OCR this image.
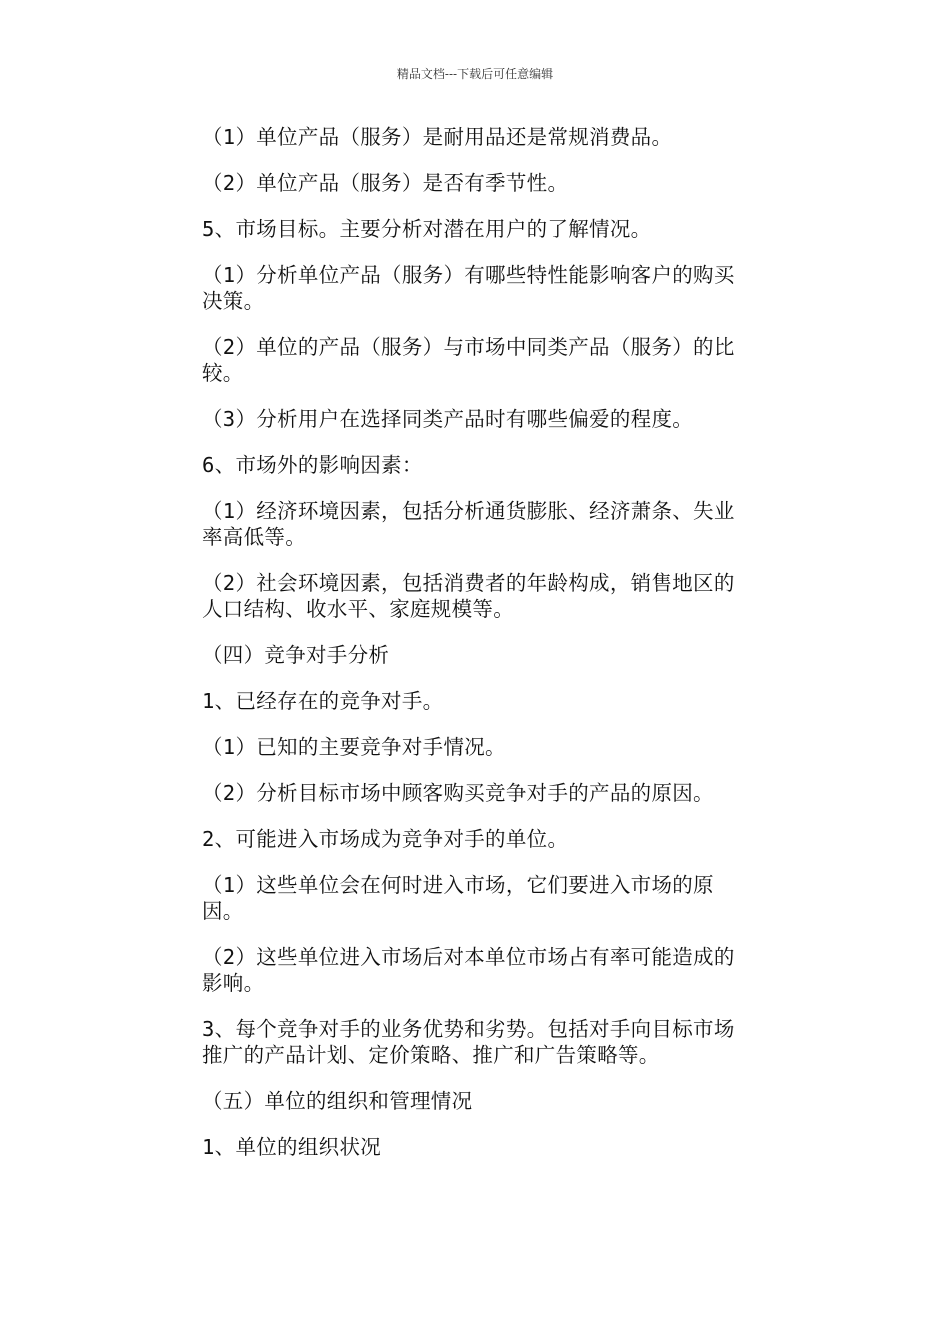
精品文档---下载后可任意编辑

（1）单位产品（服务）是耐用品还是常规消费品。

（2）单位产品（服务）是否有季节性。

5、市场目标。主要分析对潜在用户的了解情况。

（1）分析单位产品（服务）有哪些特性能影响客户的购买决策。

（2）单位的产品（服务）与市场中同类产品（服务）的比较。

（3）分析用户在选择同类产品时有哪些偏爱的程度。

6、市场外的影响因素：

（1）经济环境因素，包括分析通货膨胀、经济萧条、失业率高低等。

（2）社会环境因素，包括消费者的年龄构成，销售地区的人口结构、收水平、家庭规模等。

（四）竞争对手分析

1、已经存在的竞争对手。

（1）已知的主要竞争对手情况。

（2）分析目标市场中顾客购买竞争对手的产品的原因。

2、可能进入市场成为竞争对手的单位。

（1）这些单位会在何时进入市场，它们要进入市场的原因。

（2）这些单位进入市场后对本单位市场占有率可能造成的影响。

3、每个竞争对手的业务优势和劣势。包括对手向目标市场推广的产品计划、定价策略、推广和广告策略等。

（五）单位的组织和管理情况

1、单位的组织状况
